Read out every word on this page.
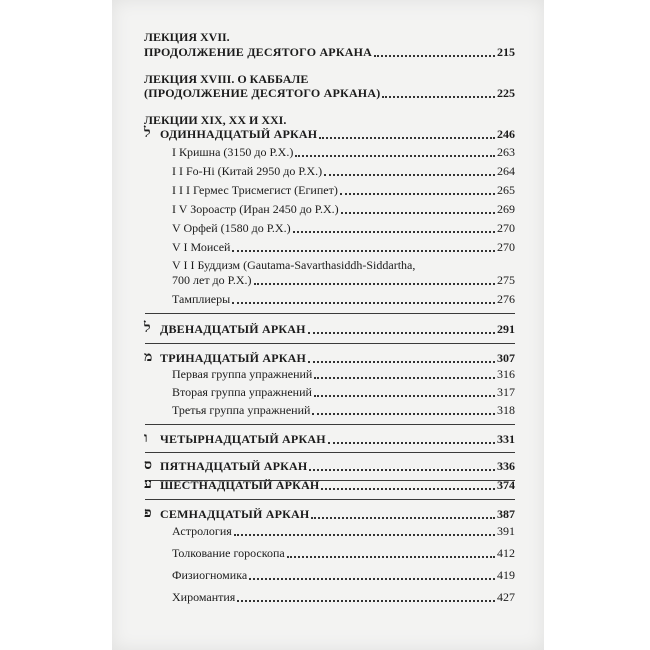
ЛЕКЦИЯ XVII.
ПРОДОЛЖЕНИЕ ДЕСЯТОГО АРКАНА	215
ЛЕКЦИЯ XVIII. О КАББАЛЕ
(ПРОДОЛЖЕНИЕ ДЕСЯТОГО АРКАНА)	225
ЛЕКЦИИ XIX, XX И XXI.
ל ОДИННАДЦАТЫЙ АРКАН	246
I Кришна (3150 до Р.Х.)	263
I I Fo-Hi (Китай 2950 до Р.Х.)	264
I I I Гермес Трисмегист (Египет)	265
I V Зороастр (Иран 2450 до Р.Х.)	269
V Орфей (1580 до Р.Х.)	270
V I Моисей	270
V I I Буддизм (Gautama-Savarthasiddh-Siddartha,
700 лет до Р.Х.)	275
Тамплиеры	276
ל ДВЕНАДЦАТЫЙ АРКАН	291
מ ТРИНАДЦАТЫЙ АРКАН	307
Первая группа упражнений	316
Вторая группа упражнений	317
Третья группа упражнений	318
ו	ЧЕТЫРНАДЦАТЫЙ АРКАН	331
ס ПЯТНАДЦАТЫЙ АРКАН	336
ע ШЕСТНАДЦАТЫЙ АРКАН	374
פ СЕМНАДЦАТЫЙ АРКАН	387
Астрология	391
Толкование гороскопа	412
Физиогномика	419
Хиромантия	427
